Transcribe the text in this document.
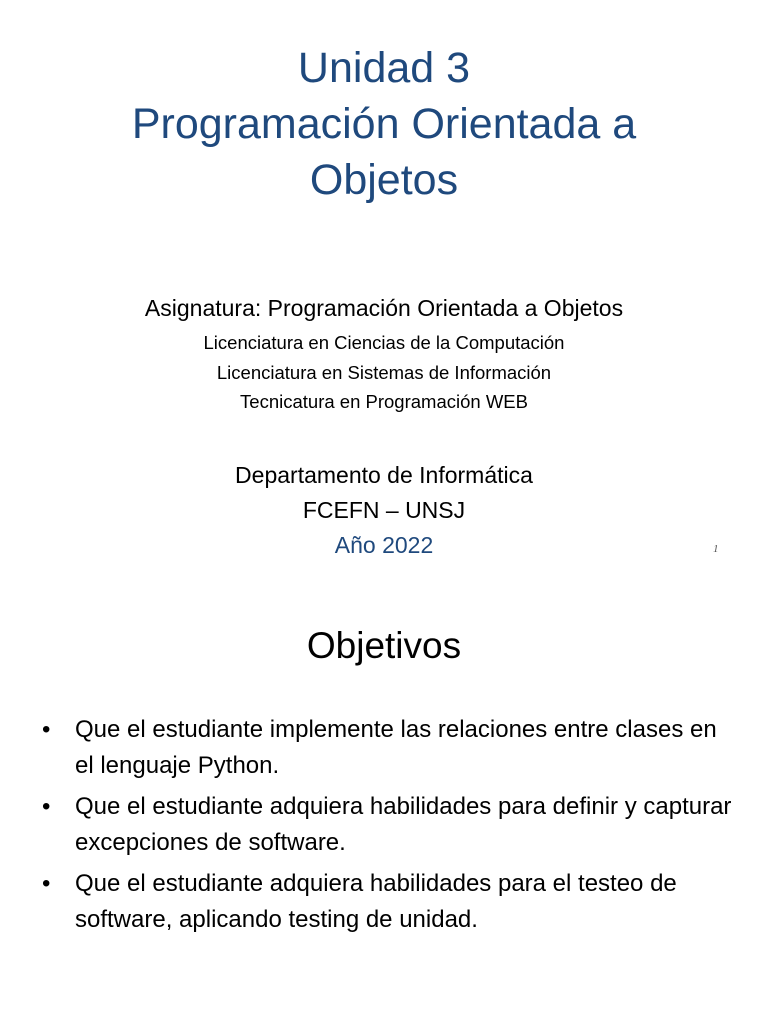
Unidad 3
Programación Orientada a
Objetos
Asignatura: Programación Orientada a Objetos
Licenciatura en Ciencias de la Computación
Licenciatura en Sistemas de Información
Tecnicatura en Programación WEB
Departamento de Informática
FCEFN – UNSJ
Año 2022	1
Objetivos
• Que el estudiante implemente las relaciones entre clases en el lenguaje Python.
• Que el estudiante adquiera habilidades para definir y capturar excepciones de software.
• Que el estudiante adquiera habilidades para el testeo de software, aplicando testing de unidad.
